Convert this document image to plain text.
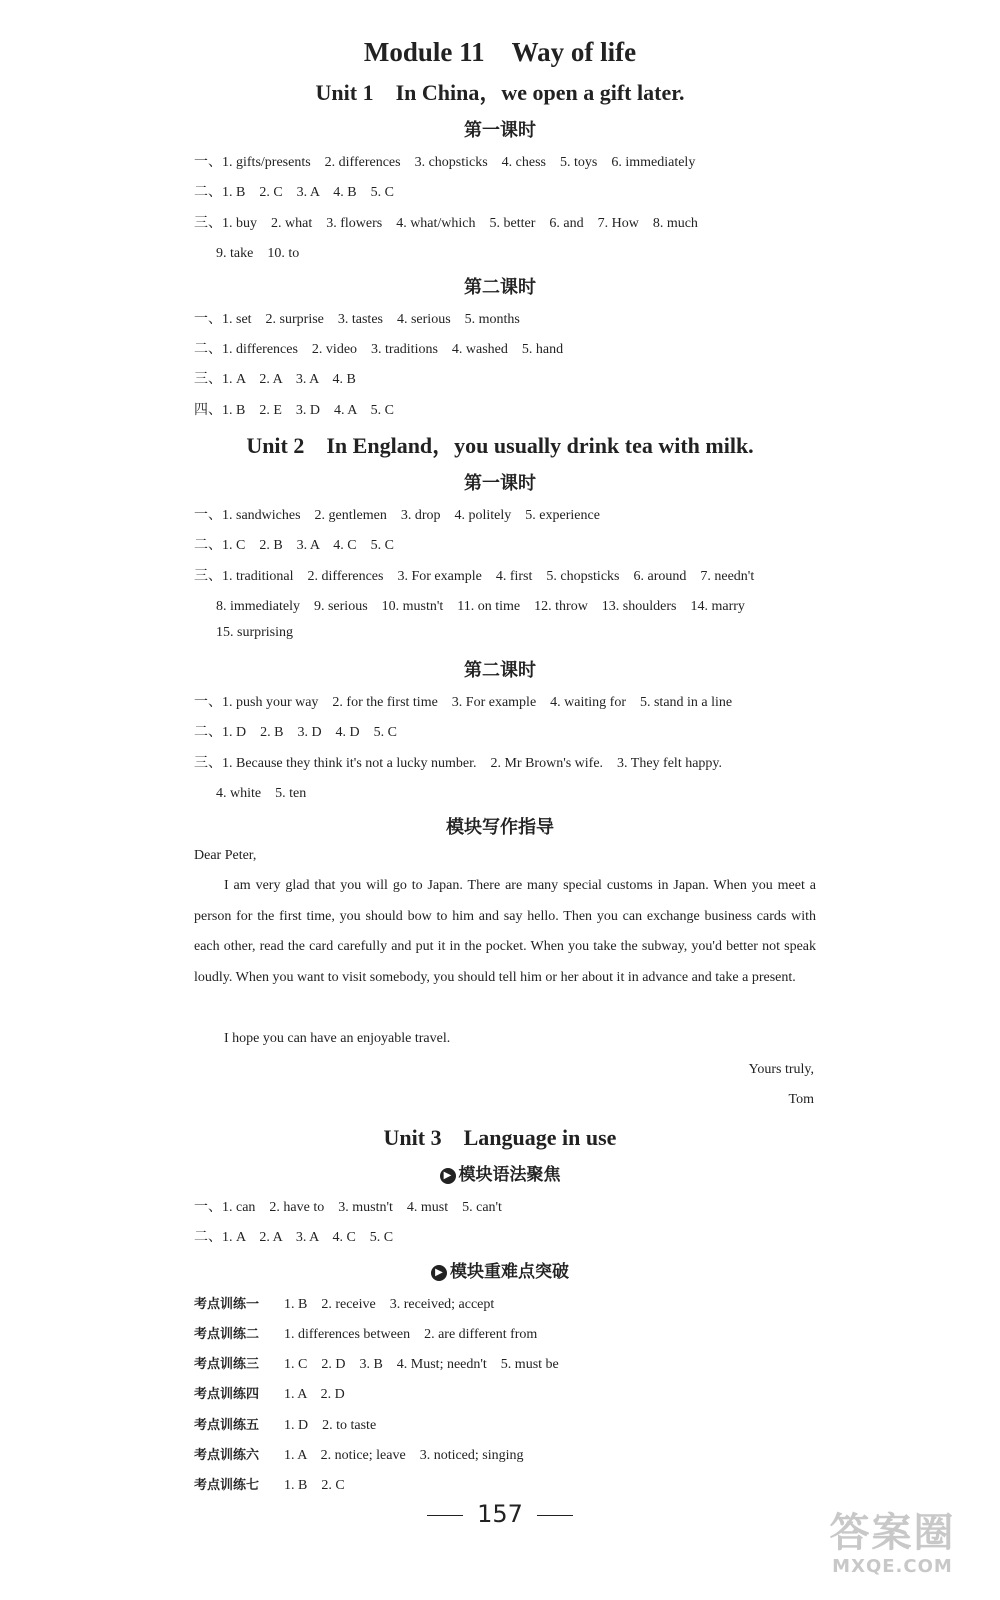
Module 11　Way of life
Unit 1　In China，we open a gift later.
第一课时
一、1. gifts/presents　2. differences　3. chopsticks　4. chess　5. toys　6. immediately
二、1. B　2. C　3. A　4. B　5. C
三、1. buy　2. what　3. flowers　4. what/which　5. better　6. and　7. How　8. much
9. take　10. to
第二课时
一、1. set　2. surprise　3. tastes　4. serious　5. months
二、1. differences　2. video　3. traditions　4. washed　5. hand
三、1. A　2. A　3. A　4. B
四、1. B　2. E　3. D　4. A　5. C
Unit 2　In England，you usually drink tea with milk.
第一课时
一、1. sandwiches　2. gentlemen　3. drop　4. politely　5. experience
二、1. C　2. B　3. A　4. C　5. C
三、1. traditional　2. differences　3. For example　4. first　5. chopsticks　6. around　7. needn't
8. immediately　9. serious　10. mustn't　11. on time　12. throw　13. shoulders　14. marry
15. surprising
第二课时
一、1. push your way　2. for the first time　3. For example　4. waiting for　5. stand in a line
二、1. D　2. B　3. D　4. D　5. C
三、1. Because they think it's not a lucky number.　2. Mr Brown's wife.　3. They felt happy.
4. white　5. ten
模块写作指导
Dear Peter,
I am very glad that you will go to Japan. There are many special customs in Japan. When you meet a person for the first time, you should bow to him and say hello. Then you can exchange business cards with each other, read the card carefully and put it in the pocket. When you take the subway, you'd better not speak loudly. When you want to visit somebody, you should tell him or her about it in advance and take a present.
I hope you can have an enjoyable travel.
Yours truly,
Tom
Unit 3　Language in use
▶ 模块语法聚焦
一、1. can　2. have to　3. mustn't　4. must　5. can't
二、1. A　2. A　3. A　4. C　5. C
▶ 模块重难点突破
考点训练一 1. B　2. receive　3. received; accept
考点训练二 1. differences between　2. are different from
考点训练三 1. C　2. D　3. B　4. Must; needn't　5. must be
考点训练四 1. A　2. D
考点训练五 1. D　2. to taste
考点训练六 1. A　2. notice; leave　3. noticed; singing
考点训练七 1. B　2. C
157	答案圈
MXQE.COM
